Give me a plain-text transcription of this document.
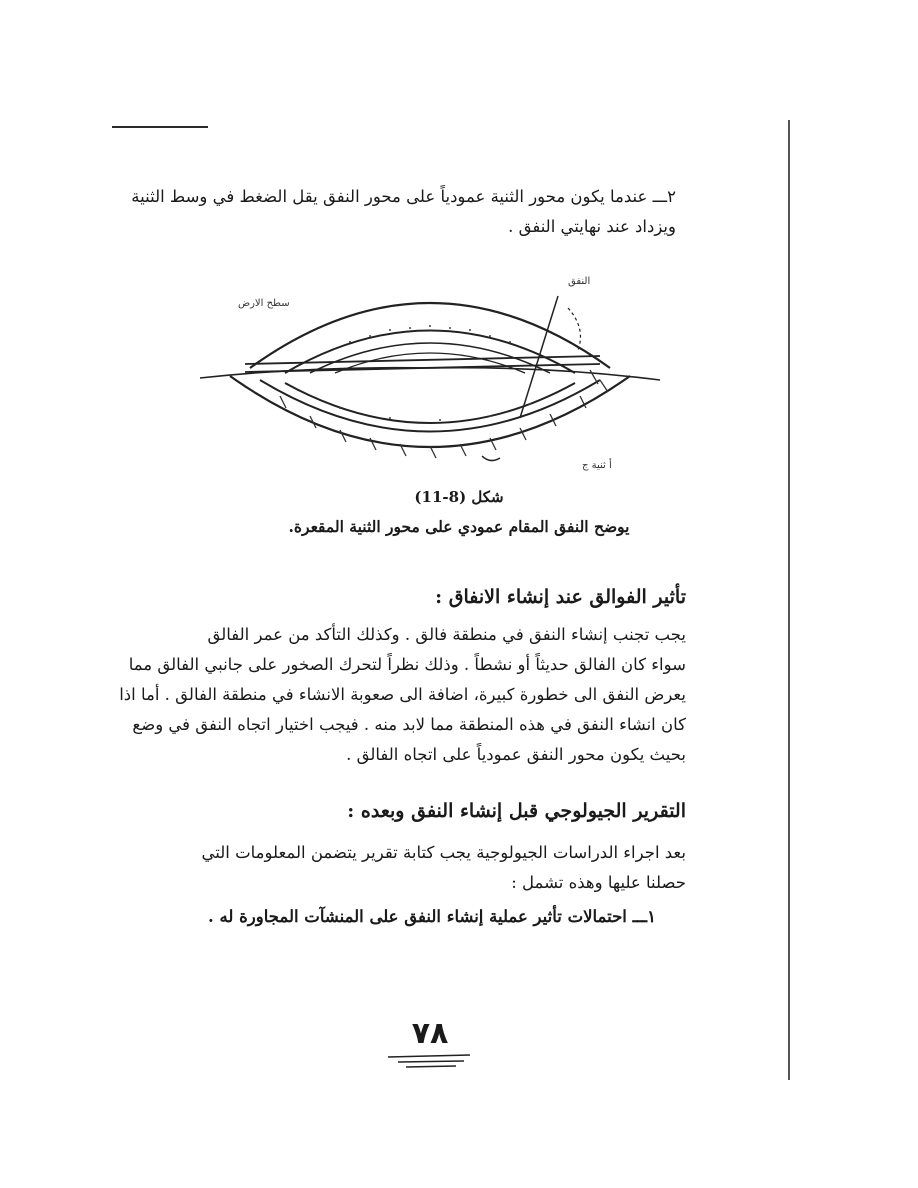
٢ـــ عندما يكون محور الثنية عمودياً على محور النفق يقل الضغط في وسط الثنية
ويزداد عند نهايتي النفق .
النفق
سطح الارض
أ ثنية ج
شكل (8-11)
يوضح النفق المقام عمودي على محور الثنية المقعرة.
تأثير الفوالق عند إنشاء الانفاق :
يجب تجنب إنشاء النفق في منطقة فالق . وكذلك التأكد من عمر الفالق
سواء كان الفالق حديثاً أو نشطاً . وذلك نظراً لتحرك الصخور على جانبي الفالق مما
يعرض النفق الى خطورة كبيرة، اضافة الى صعوبة الانشاء في منطقة الفالق . أما اذا
كان انشاء النفق في هذه المنطقة مما لابد منه . فيجب اختيار اتجاه النفق في وضع
بحيث يكون محور النفق عمودياً على اتجاه الفالق .
التقرير الجيولوجي قبل إنشاء النفق وبعده :
بعد اجراء الدراسات الجيولوجية يجب كتابة تقرير يتضمن المعلومات التي
حصلنا عليها وهذه تشمل :
١ـــ احتمالات تأثير عملية إنشاء النفق على المنشآت المجاورة له .
٧٨
